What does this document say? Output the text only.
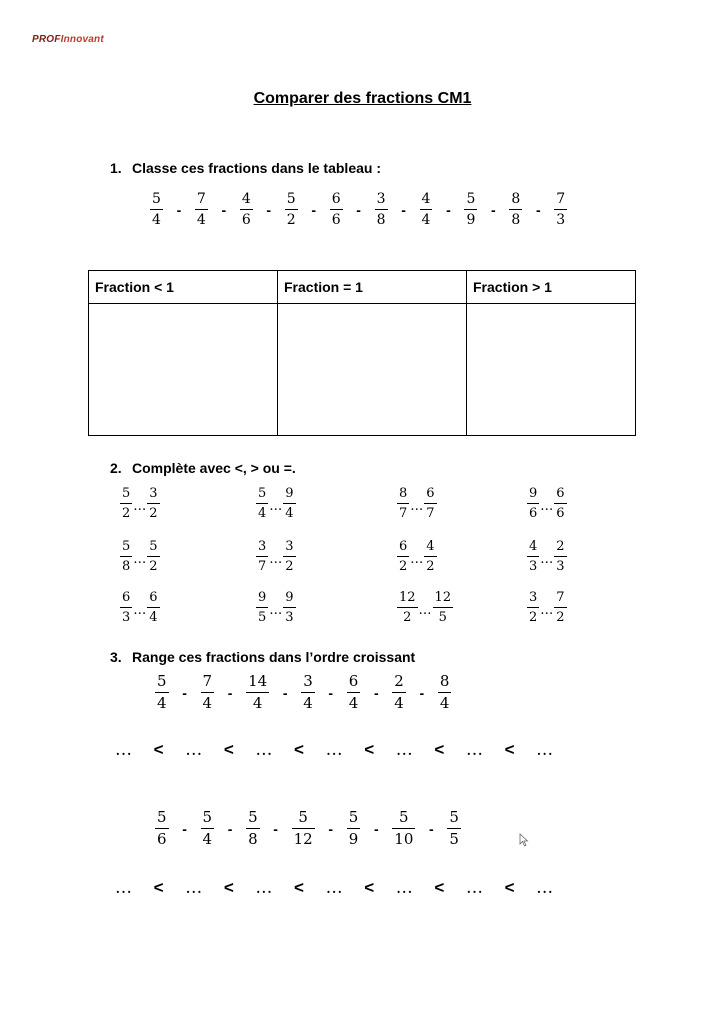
PROFInnovant
Comparer des fractions CM1
1. Classe ces fractions dans le tableau :
$\frac{5}{4} - \frac{7}{4} - \frac{4}{6} - \frac{5}{2} - \frac{6}{6} - \frac{3}{8} - \frac{4}{4} - \frac{5}{9} - \frac{8}{8} - \frac{7}{3}$
Fraction < 1	Fraction = 1	Fraction > 1

2. Complète avec <, > ou =.
$\frac{5}{2}$ … $\frac{3}{2}$	$\frac{5}{4}$ … $\frac{9}{4}$	$\frac{8}{7}$ … $\frac{6}{7}$	$\frac{9}{6}$ … $\frac{6}{6}$
$\frac{5}{8}$ … $\frac{5}{2}$	$\frac{3}{7}$ … $\frac{3}{2}$	$\frac{6}{2}$ … $\frac{4}{2}$	$\frac{4}{3}$ … $\frac{2}{3}$
$\frac{6}{3}$ … $\frac{6}{4}$	$\frac{9}{5}$ … $\frac{9}{3}$	$\frac{12}{2}$ … $\frac{12}{5}$	$\frac{3}{2}$ … $\frac{7}{2}$
3. Range ces fractions dans l’ordre croissant
$\frac{5}{4} - \frac{7}{4} - \frac{14}{4} - \frac{3}{4} - \frac{6}{4} - \frac{2}{4} - \frac{8}{4}$
… < … < … < … < … < … < …
$\frac{5}{6} - \frac{5}{4} - \frac{5}{8} - \frac{5}{12} - \frac{5}{9} - \frac{5}{10} - \frac{5}{5}$
… < … < … < … < … < … < …
